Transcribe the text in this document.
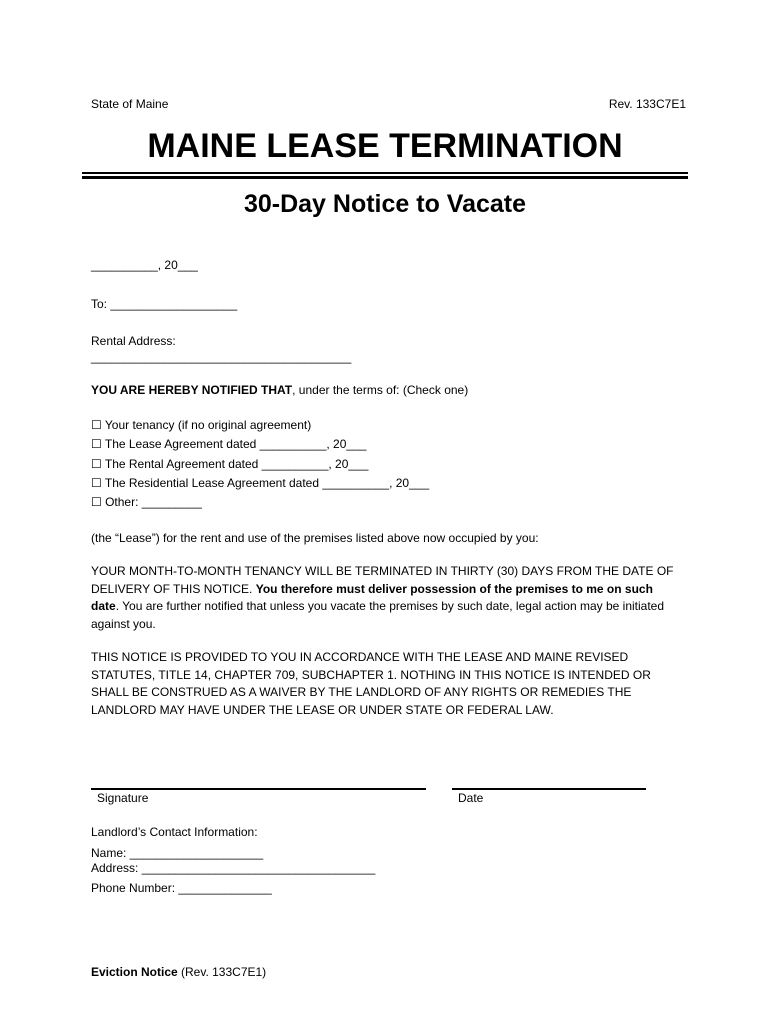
State of Maine	Rev. 133C7E1
MAINE LEASE TERMINATION
30-Day Notice to Vacate
__________, 20___
To: ___________________
Rental Address:
_______________________________________
YOU ARE HEREBY NOTIFIED THAT, under the terms of: (Check one)
☐ Your tenancy (if no original agreement)
☐ The Lease Agreement dated __________, 20___
☐ The Rental Agreement dated __________, 20___
☐ The Residential Lease Agreement dated __________, 20___
☐ Other: _________
(the “Lease”) for the rent and use of the premises listed above now occupied by you:
YOUR MONTH-TO-MONTH TENANCY WILL BE TERMINATED IN THIRTY (30) DAYS FROM THE DATE OF DELIVERY OF THIS NOTICE. You therefore must deliver possession of the premises to me on such date. You are further notified that unless you vacate the premises by such date, legal action may be initiated against you.
THIS NOTICE IS PROVIDED TO YOU IN ACCORDANCE WITH THE LEASE AND MAINE REVISED STATUTES, TITLE 14, CHAPTER 709, SUBCHAPTER 1. NOTHING IN THIS NOTICE IS INTENDED OR SHALL BE CONSTRUED AS A WAIVER BY THE LANDLORD OF ANY RIGHTS OR REMEDIES THE LANDLORD MAY HAVE UNDER THE LEASE OR UNDER STATE OR FEDERAL LAW.
Signature	Date
Landlord’s Contact Information:
Name: ____________________
Address: ___________________________________
Phone Number: ______________
Eviction Notice (Rev. 133C7E1)
